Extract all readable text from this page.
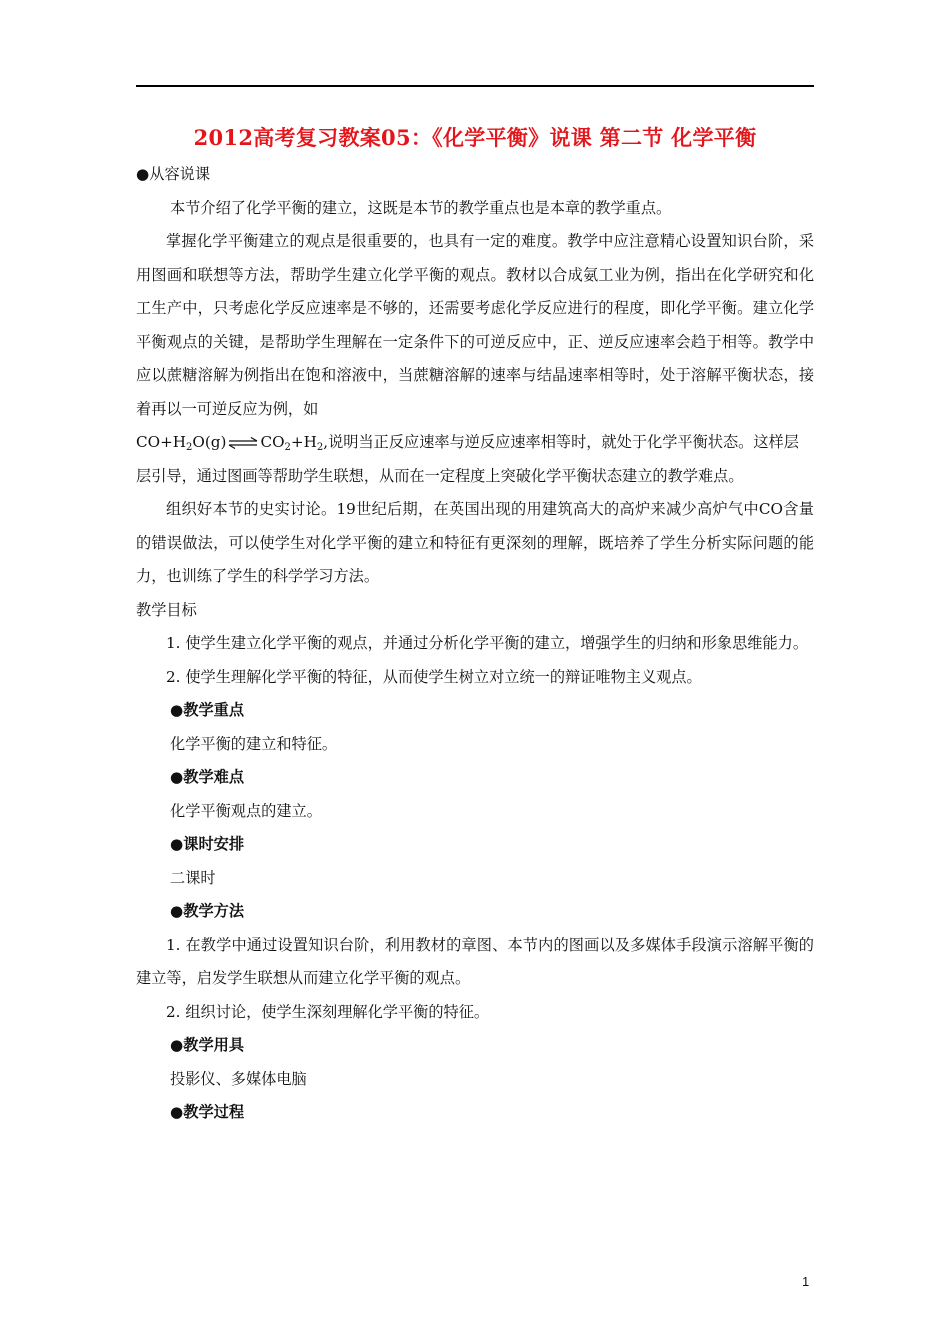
2012高考复习教案05：《化学平衡》说课 第二节 化学平衡

●从容说课

本节介绍了化学平衡的建立，这既是本节的教学重点也是本章的教学重点。

掌握化学平衡建立的观点是很重要的，也具有一定的难度。教学中应注意精心设置知识台阶，采用图画和联想等方法，帮助学生建立化学平衡的观点。教材以合成氨工业为例，指出在化学研究和化工生产中，只考虑化学反应速率是不够的，还需要考虑化学反应进行的程度，即化学平衡。建立化学平衡观点的关键，是帮助学生理解在一定条件下的可逆反应中，正、逆反应速率会趋于相等。教学中应以蔗糖溶解为例指出在饱和溶液中，当蔗糖溶解的速率与结晶速率相等时，处于溶解平衡状态，接着再以一可逆反应为例，如

$CO+H_2O(g)$ ⇌ $CO_2+H_2$,说明当正反应速率与逆反应速率相等时，就处于化学平衡状态。这样层

层引导，通过图画等帮助学生联想，从而在一定程度上突破化学平衡状态建立的教学难点。

组织好本节的史实讨论。19世纪后期，在英国出现的用建筑高大的高炉来减少高炉气中CO含量的错误做法，可以使学生对化学平衡的建立和特征有更深刻的理解，既培养了学生分析实际问题的能力，也训练了学生的科学学习方法。

教学目标

1. 使学生建立化学平衡的观点，并通过分析化学平衡的建立，增强学生的归纳和形象思维能力。

2. 使学生理解化学平衡的特征，从而使学生树立对立统一的辩证唯物主义观点。

●教学重点

化学平衡的建立和特征。

●教学难点

化学平衡观点的建立。

●课时安排

二课时

●教学方法

1. 在教学中通过设置知识台阶，利用教材的章图、本节内的图画以及多媒体手段演示溶解平衡的建立等，启发学生联想从而建立化学平衡的观点。

2. 组织讨论，使学生深刻理解化学平衡的特征。

●教学用具

投影仪、多媒体电脑

●教学过程

1
